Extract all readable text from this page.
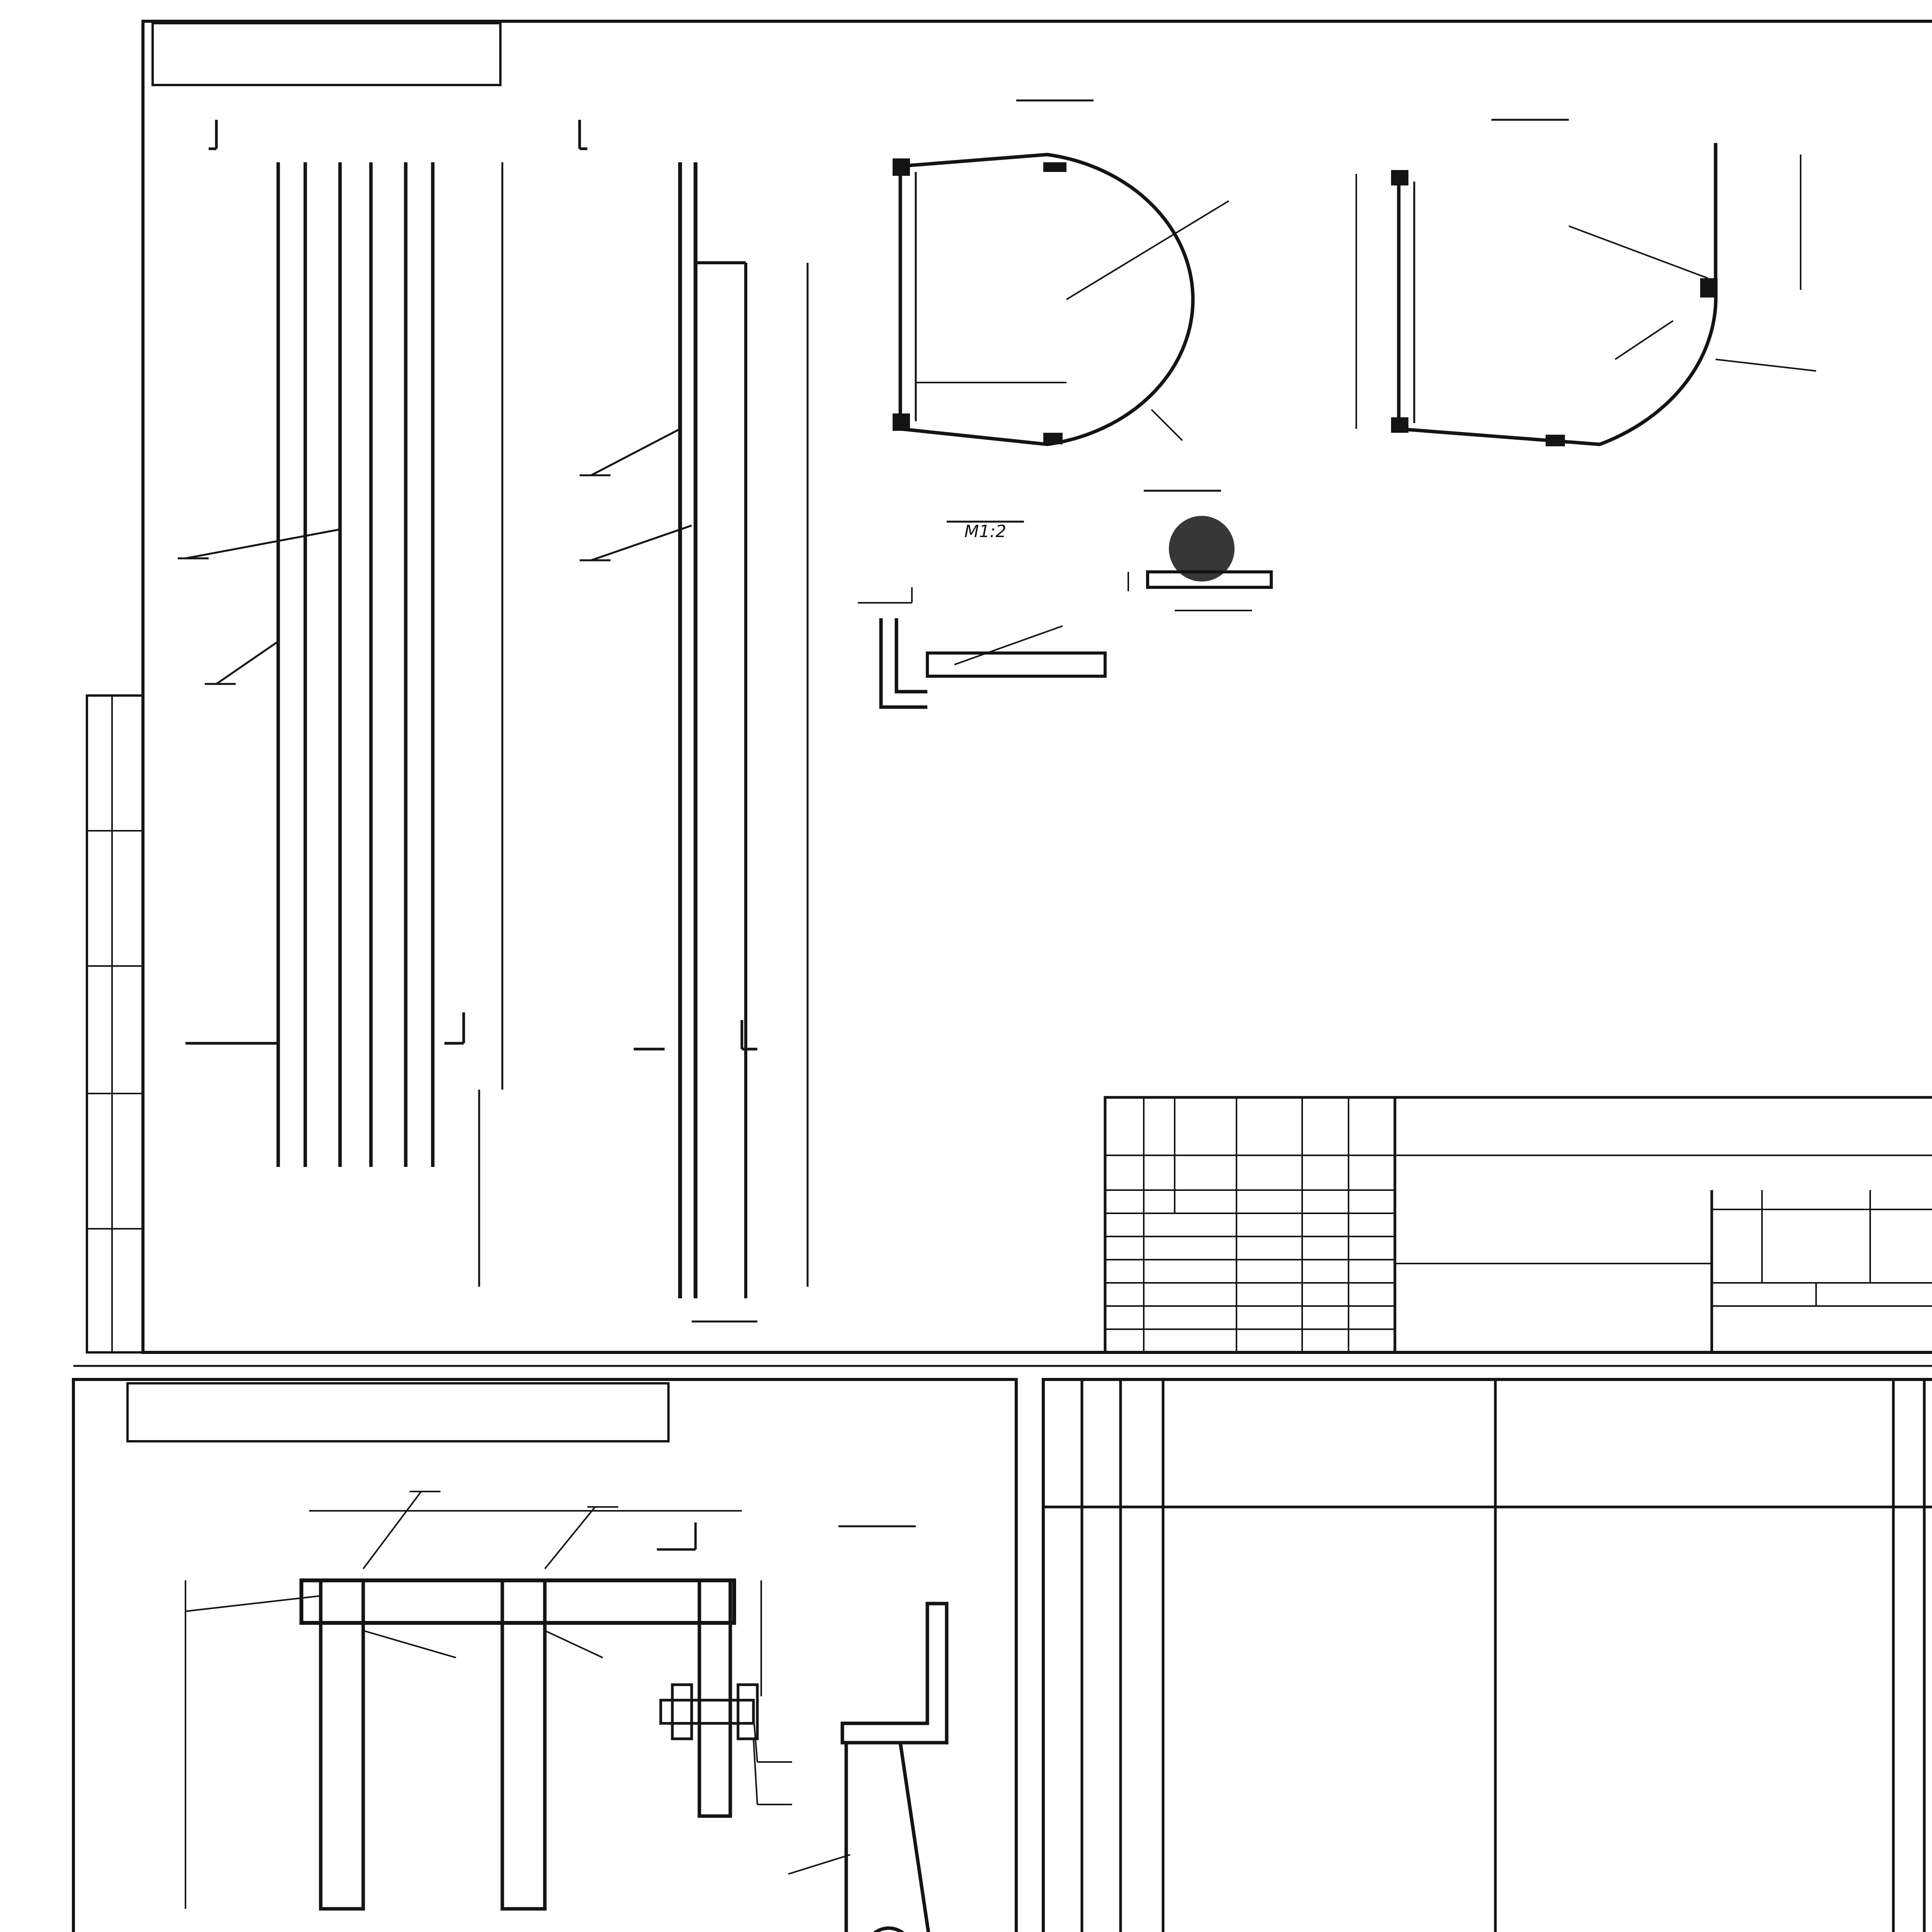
М1:2
